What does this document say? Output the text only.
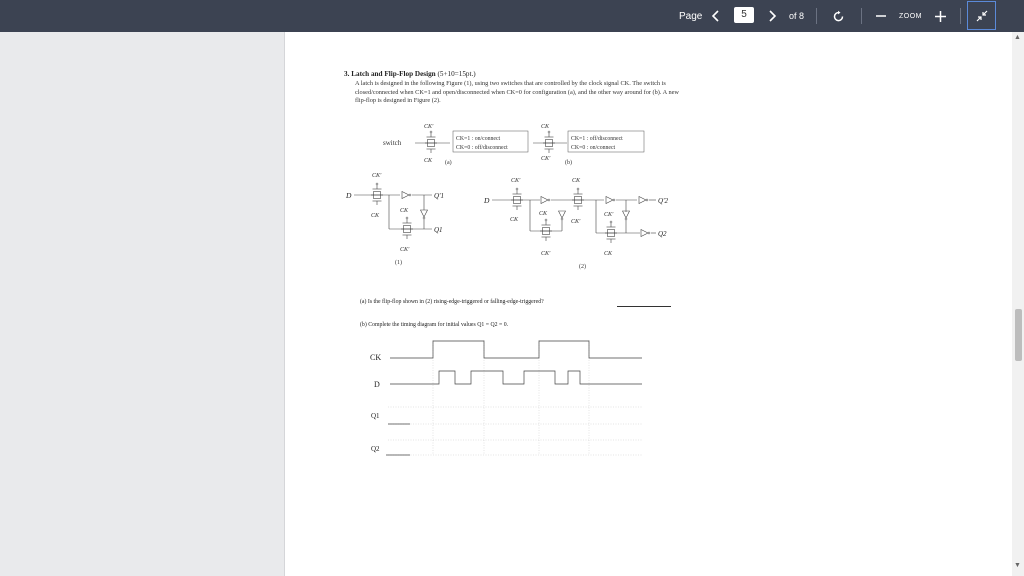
Page	5	of 8	ZOOM
3. Latch and Flip-Flop Design (5+10=15pt.)
A latch is designed in the following Figure (1), using two switches that are controlled by the clock signal CK. The switch is closed/connected when CK=1 and open/disconnected when CK=0 for configuration (a), and the other way around for (b). A new flip-flop is designed in Figure (2).
switch
CK'
CK (a)
CK=1 : on/connect
CK=0 : off/disconnect
CK
CK'
(b)
CK=1 : off/disconnect
CK=0 : on/connect
D
CK'
CK
Q'1
Q1
CK
CK'
(1)
D
CK'
CK
CK
CK'
CK
CK'
Q'2
CK'
Q2
CK
(2)
(a) Is the flip-flop shown in (2) rising-edge-triggered or falling-edge-triggered?
(b) Complete the timing diagram for initial values Q1 = Q2 = 0.
CK
D
Q1
Q2
▲
▼
